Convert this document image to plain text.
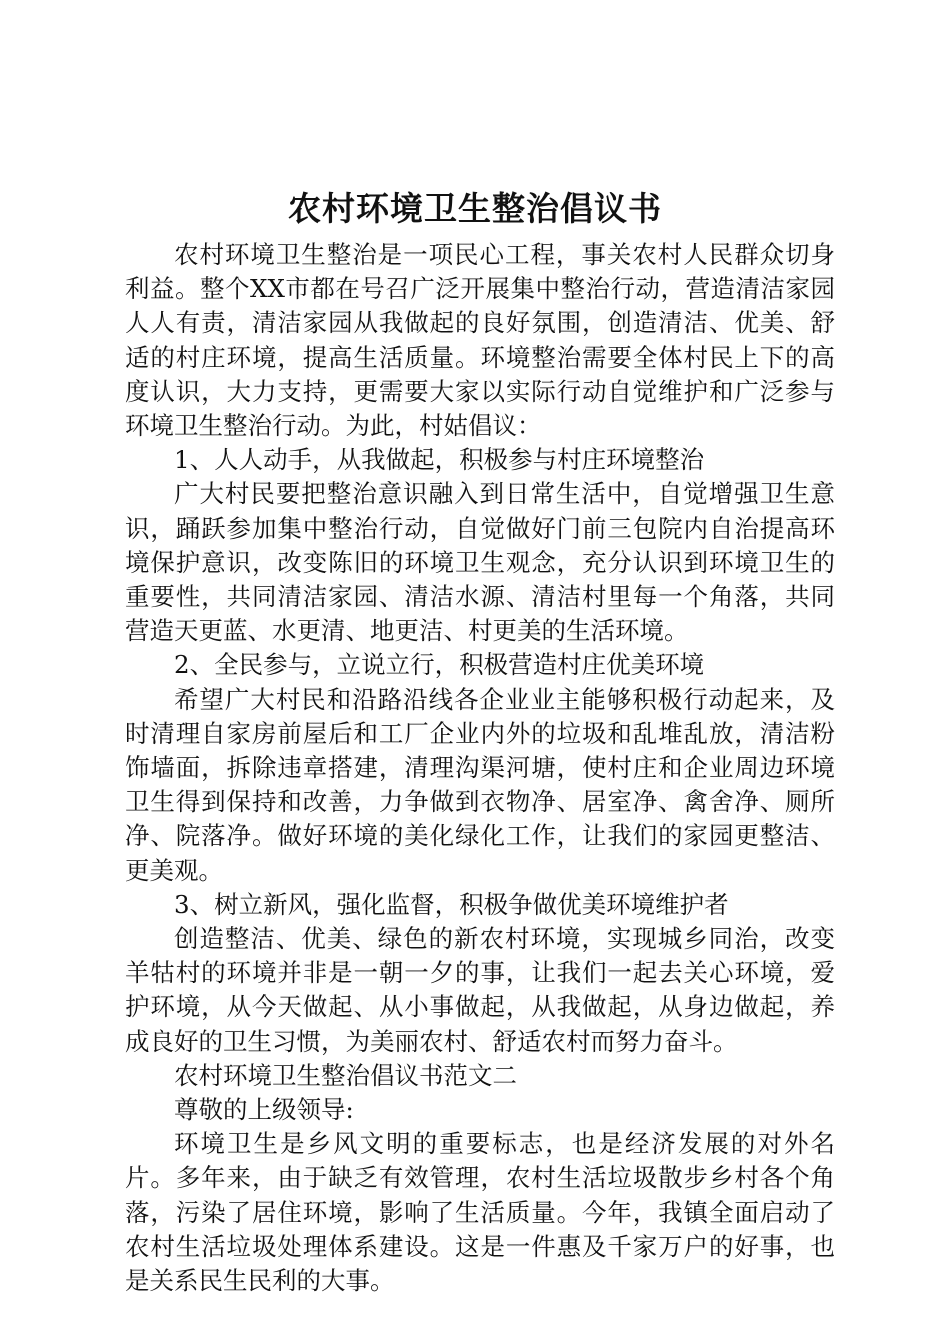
农村环境卫生整治倡议书

农村环境卫生整治是一项民心工程，事关农村人民群众切身利益。整个XX市都在号召广泛开展集中整治行动，营造清洁家园人人有责，清洁家园从我做起的良好氛围，创造清洁、优美、舒适的村庄环境，提高生活质量。环境整治需要全体村民上下的高度认识，大力支持，更需要大家以实际行动自觉维护和广泛参与环境卫生整治行动。为此，村姑倡议：

1、人人动手，从我做起，积极参与村庄环境整治

广大村民要把整治意识融入到日常生活中，自觉增强卫生意识，踊跃参加集中整治行动，自觉做好门前三包院内自治提高环境保护意识，改变陈旧的环境卫生观念，充分认识到环境卫生的重要性，共同清洁家园、清洁水源、清洁村里每一个角落，共同营造天更蓝、水更清、地更洁、村更美的生活环境。

2、全民参与，立说立行，积极营造村庄优美环境

希望广大村民和沿路沿线各企业业主能够积极行动起来，及时清理自家房前屋后和工厂企业内外的垃圾和乱堆乱放，清洁粉饰墙面，拆除违章搭建，清理沟渠河塘，使村庄和企业周边环境卫生得到保持和改善，力争做到衣物净、居室净、禽舍净、厕所净、院落净。做好环境的美化绿化工作，让我们的家园更整洁、更美观。

3、树立新风，强化监督，积极争做优美环境维护者

创造整洁、优美、绿色的新农村环境，实现城乡同治，改变羊牯村的环境并非是一朝一夕的事，让我们一起去关心环境，爱护环境，从今天做起、从小事做起，从我做起，从身边做起，养成良好的卫生习惯，为美丽农村、舒适农村而努力奋斗。

农村环境卫生整治倡议书范文二

尊敬的上级领导:

环境卫生是乡风文明的重要标志，也是经济发展的对外名片。多年来，由于缺乏有效管理，农村生活垃圾散步乡村各个角落，污染了居住环境，影响了生活质量。今年，我镇全面启动了农村生活垃圾处理体系建设。这是一件惠及千家万户的好事，也是关系民生民利的大事。
